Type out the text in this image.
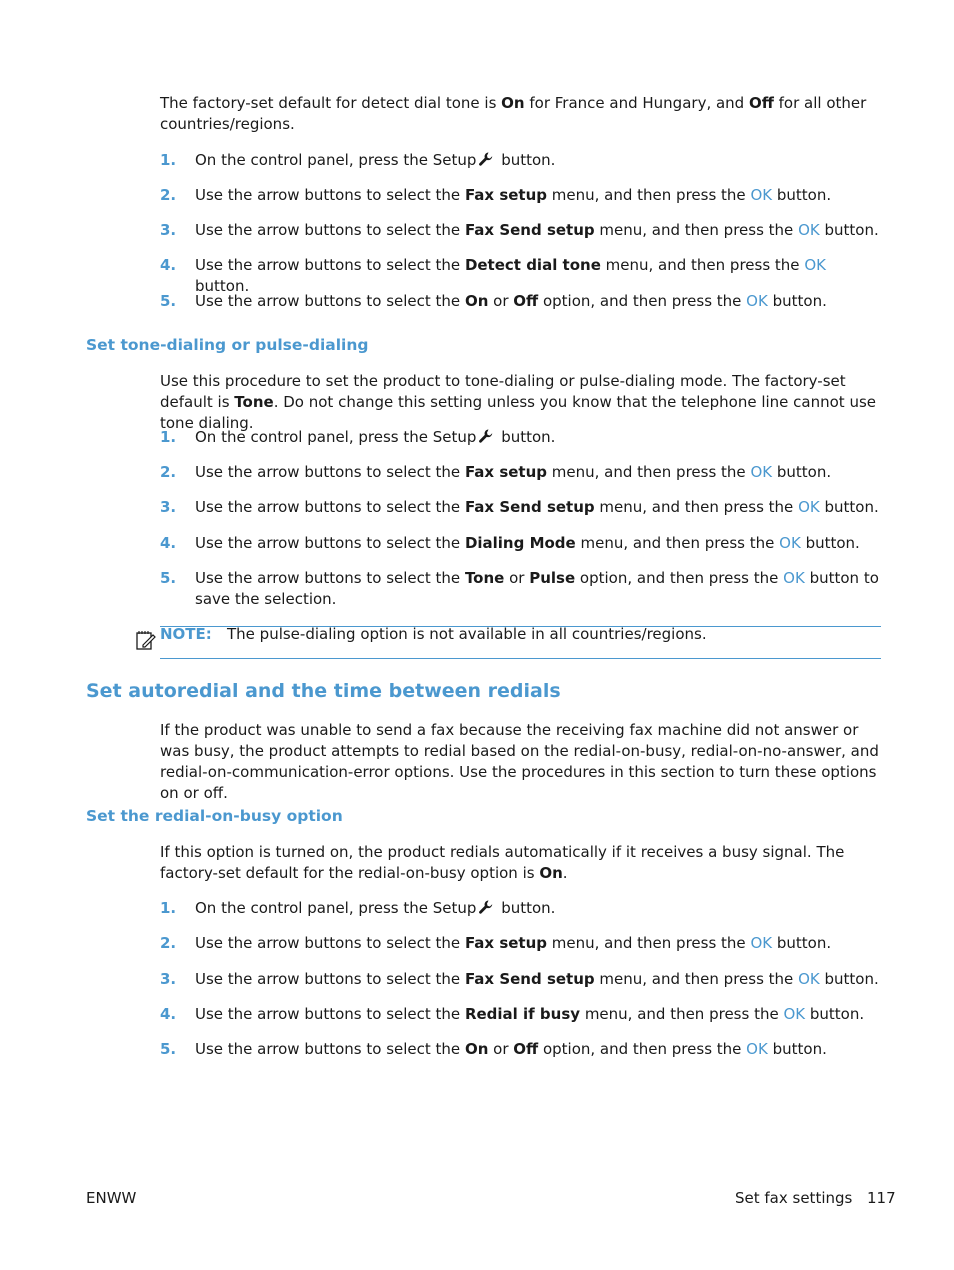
The factory-set default for detect dial tone is On for France and Hungary, and Off for all other countries/regions.

1. On the control panel, press the Setup button.
2. Use the arrow buttons to select the Fax setup menu, and then press the OK button.
3. Use the arrow buttons to select the Fax Send setup menu, and then press the OK button.
4. Use the arrow buttons to select the Detect dial tone menu, and then press the OK button.
5. Use the arrow buttons to select the On or Off option, and then press the OK button.
Set tone-dialing or pulse-dialing

Use this procedure to set the product to tone-dialing or pulse-dialing mode. The factory-set default is Tone. Do not change this setting unless you know that the telephone line cannot use tone dialing.

1. On the control panel, press the Setup button.
2. Use the arrow buttons to select the Fax setup menu, and then press the OK button.
3. Use the arrow buttons to select the Fax Send setup menu, and then press the OK button.
4. Use the arrow buttons to select the Dialing Mode menu, and then press the OK button.
5. Use the arrow buttons to select the Tone or Pulse option, and then press the OK button to save the selection.
NOTE: The pulse-dialing option is not available in all countries/regions.
Set autoredial and the time between redials

If the product was unable to send a fax because the receiving fax machine did not answer or was busy, the product attempts to redial based on the redial-on-busy, redial-on-no-answer, and redial-on-communication-error options. Use the procedures in this section to turn these options on or off.

Set the redial-on-busy option

If this option is turned on, the product redials automatically if it receives a busy signal. The factory-set default for the redial-on-busy option is On.

1. On the control panel, press the Setup button.
2. Use the arrow buttons to select the Fax setup menu, and then press the OK button.
3. Use the arrow buttons to select the Fax Send setup menu, and then press the OK button.
4. Use the arrow buttons to select the Redial if busy menu, and then press the OK button.
5. Use the arrow buttons to select the On or Off option, and then press the OK button.
ENWW	Set fax settings 117
